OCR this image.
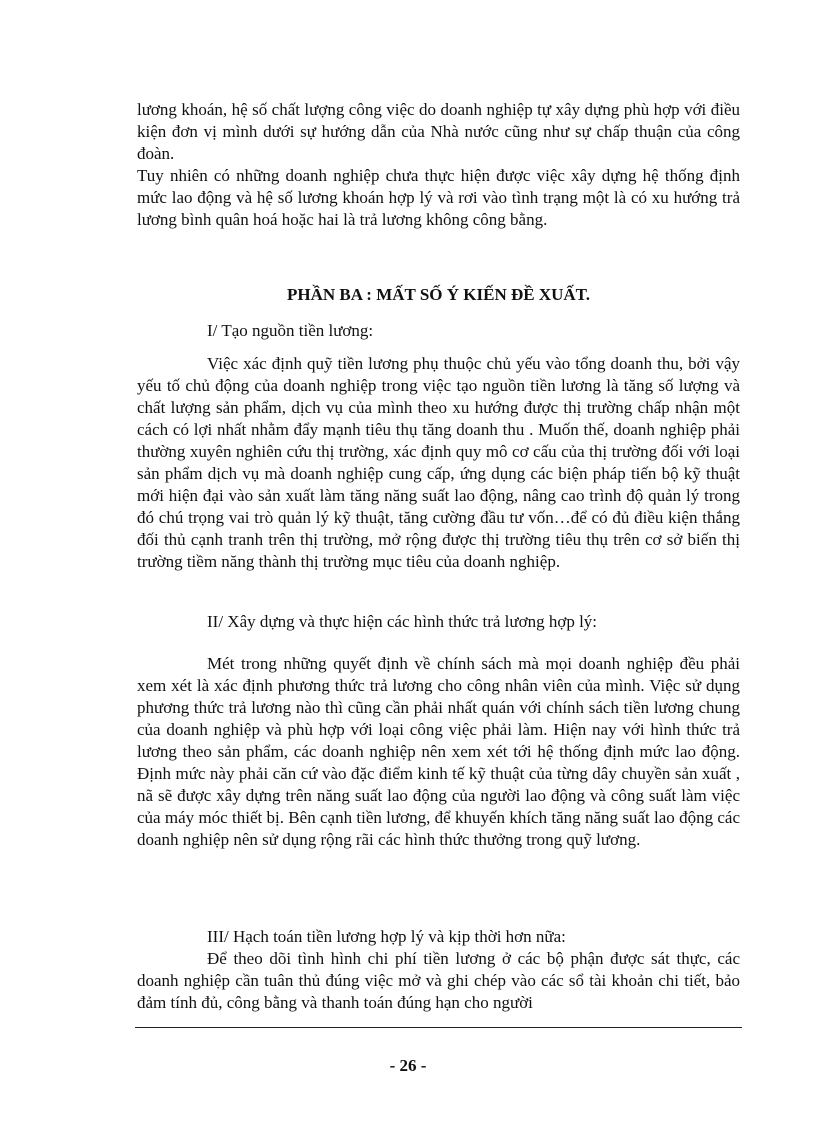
lương khoán, hệ số chất lượng công việc do doanh nghiệp tự xây dựng phù hợp với điều kiện đơn vị mình dưới sự hướng dẫn của Nhà nước cũng như sự chấp thuận của công đoàn.

Tuy nhiên có những doanh nghiệp chưa thực hiện được việc xây dựng hệ thống định mức lao động và hệ số lương khoán hợp lý và rơi vào tình trạng một là có xu hướng trả lương bình quân hoá hoặc hai là trả lương không công bằng.

PHẦN BA : MẤT SỐ Ý KIẾN ĐỀ XUẤT.

I/ Tạo nguồn tiền lương:

Việc xác định quỹ tiền lương phụ thuộc chủ yếu vào tổng doanh thu, bởi vậy yếu tố chủ động của doanh nghiệp trong việc tạo nguồn tiền lương là tăng số lượng và chất lượng sản phẩm, dịch vụ của mình theo xu hướng được thị trường chấp nhận một cách có lợi nhất nhằm đẩy mạnh tiêu thụ tăng doanh thu . Muốn thế, doanh nghiệp phải thường xuyên nghiên cứu thị trường, xác định quy mô cơ cấu của thị trường đối với loại sản phẩm dịch vụ mà doanh nghiệp cung cấp, ứng dụng các biện pháp tiến bộ kỹ thuật mới hiện đại vào sản xuất làm tăng năng suất lao động, nâng cao trình độ quản lý trong đó chú trọng vai trò quản lý kỹ thuật, tăng cường đầu tư vốn…để có đủ điều kiện thắng đối thủ cạnh tranh trên thị trường, mở rộng được thị trường tiêu thụ trên cơ sở biến thị trường tiềm năng thành thị trường mục tiêu của doanh nghiệp.

II/ Xây dựng và thực hiện các hình thức trả lương hợp lý:

Mét trong những quyết định về chính sách mà mọi doanh nghiệp đều phải xem xét là xác định phương thức trả lương cho công nhân viên của mình. Việc sử dụng phương thức trả lương nào thì cũng cần phải nhất quán với chính sách tiền lương chung của doanh nghiệp và phù hợp với loại công việc phải làm. Hiện nay với hình thức trả lương theo sản phẩm, các doanh nghiệp nên xem xét tới hệ thống định mức lao động. Định mức này phải căn cứ vào đặc điểm kinh tế kỹ thuật của từng dây chuyền sản xuất , nã sẽ được xây dựng trên năng suất lao động của người lao động và công suất làm việc của máy móc thiết bị. Bên cạnh tiền lương, để khuyến khích tăng năng suất lao động các doanh nghiệp nên sử dụng rộng rãi các hình thức thưởng trong quỹ lương.

III/ Hạch toán tiền lương hợp lý và kịp thời hơn nữa:

Để theo dõi tình hình chi phí tiền lương ở các bộ phận được sát thực, các doanh nghiệp cần tuân thủ đúng việc mở và ghi chép vào các sổ tài khoản chi tiết, bảo đảm tính đủ, công bằng và thanh toán đúng hạn cho người

- 26 -
